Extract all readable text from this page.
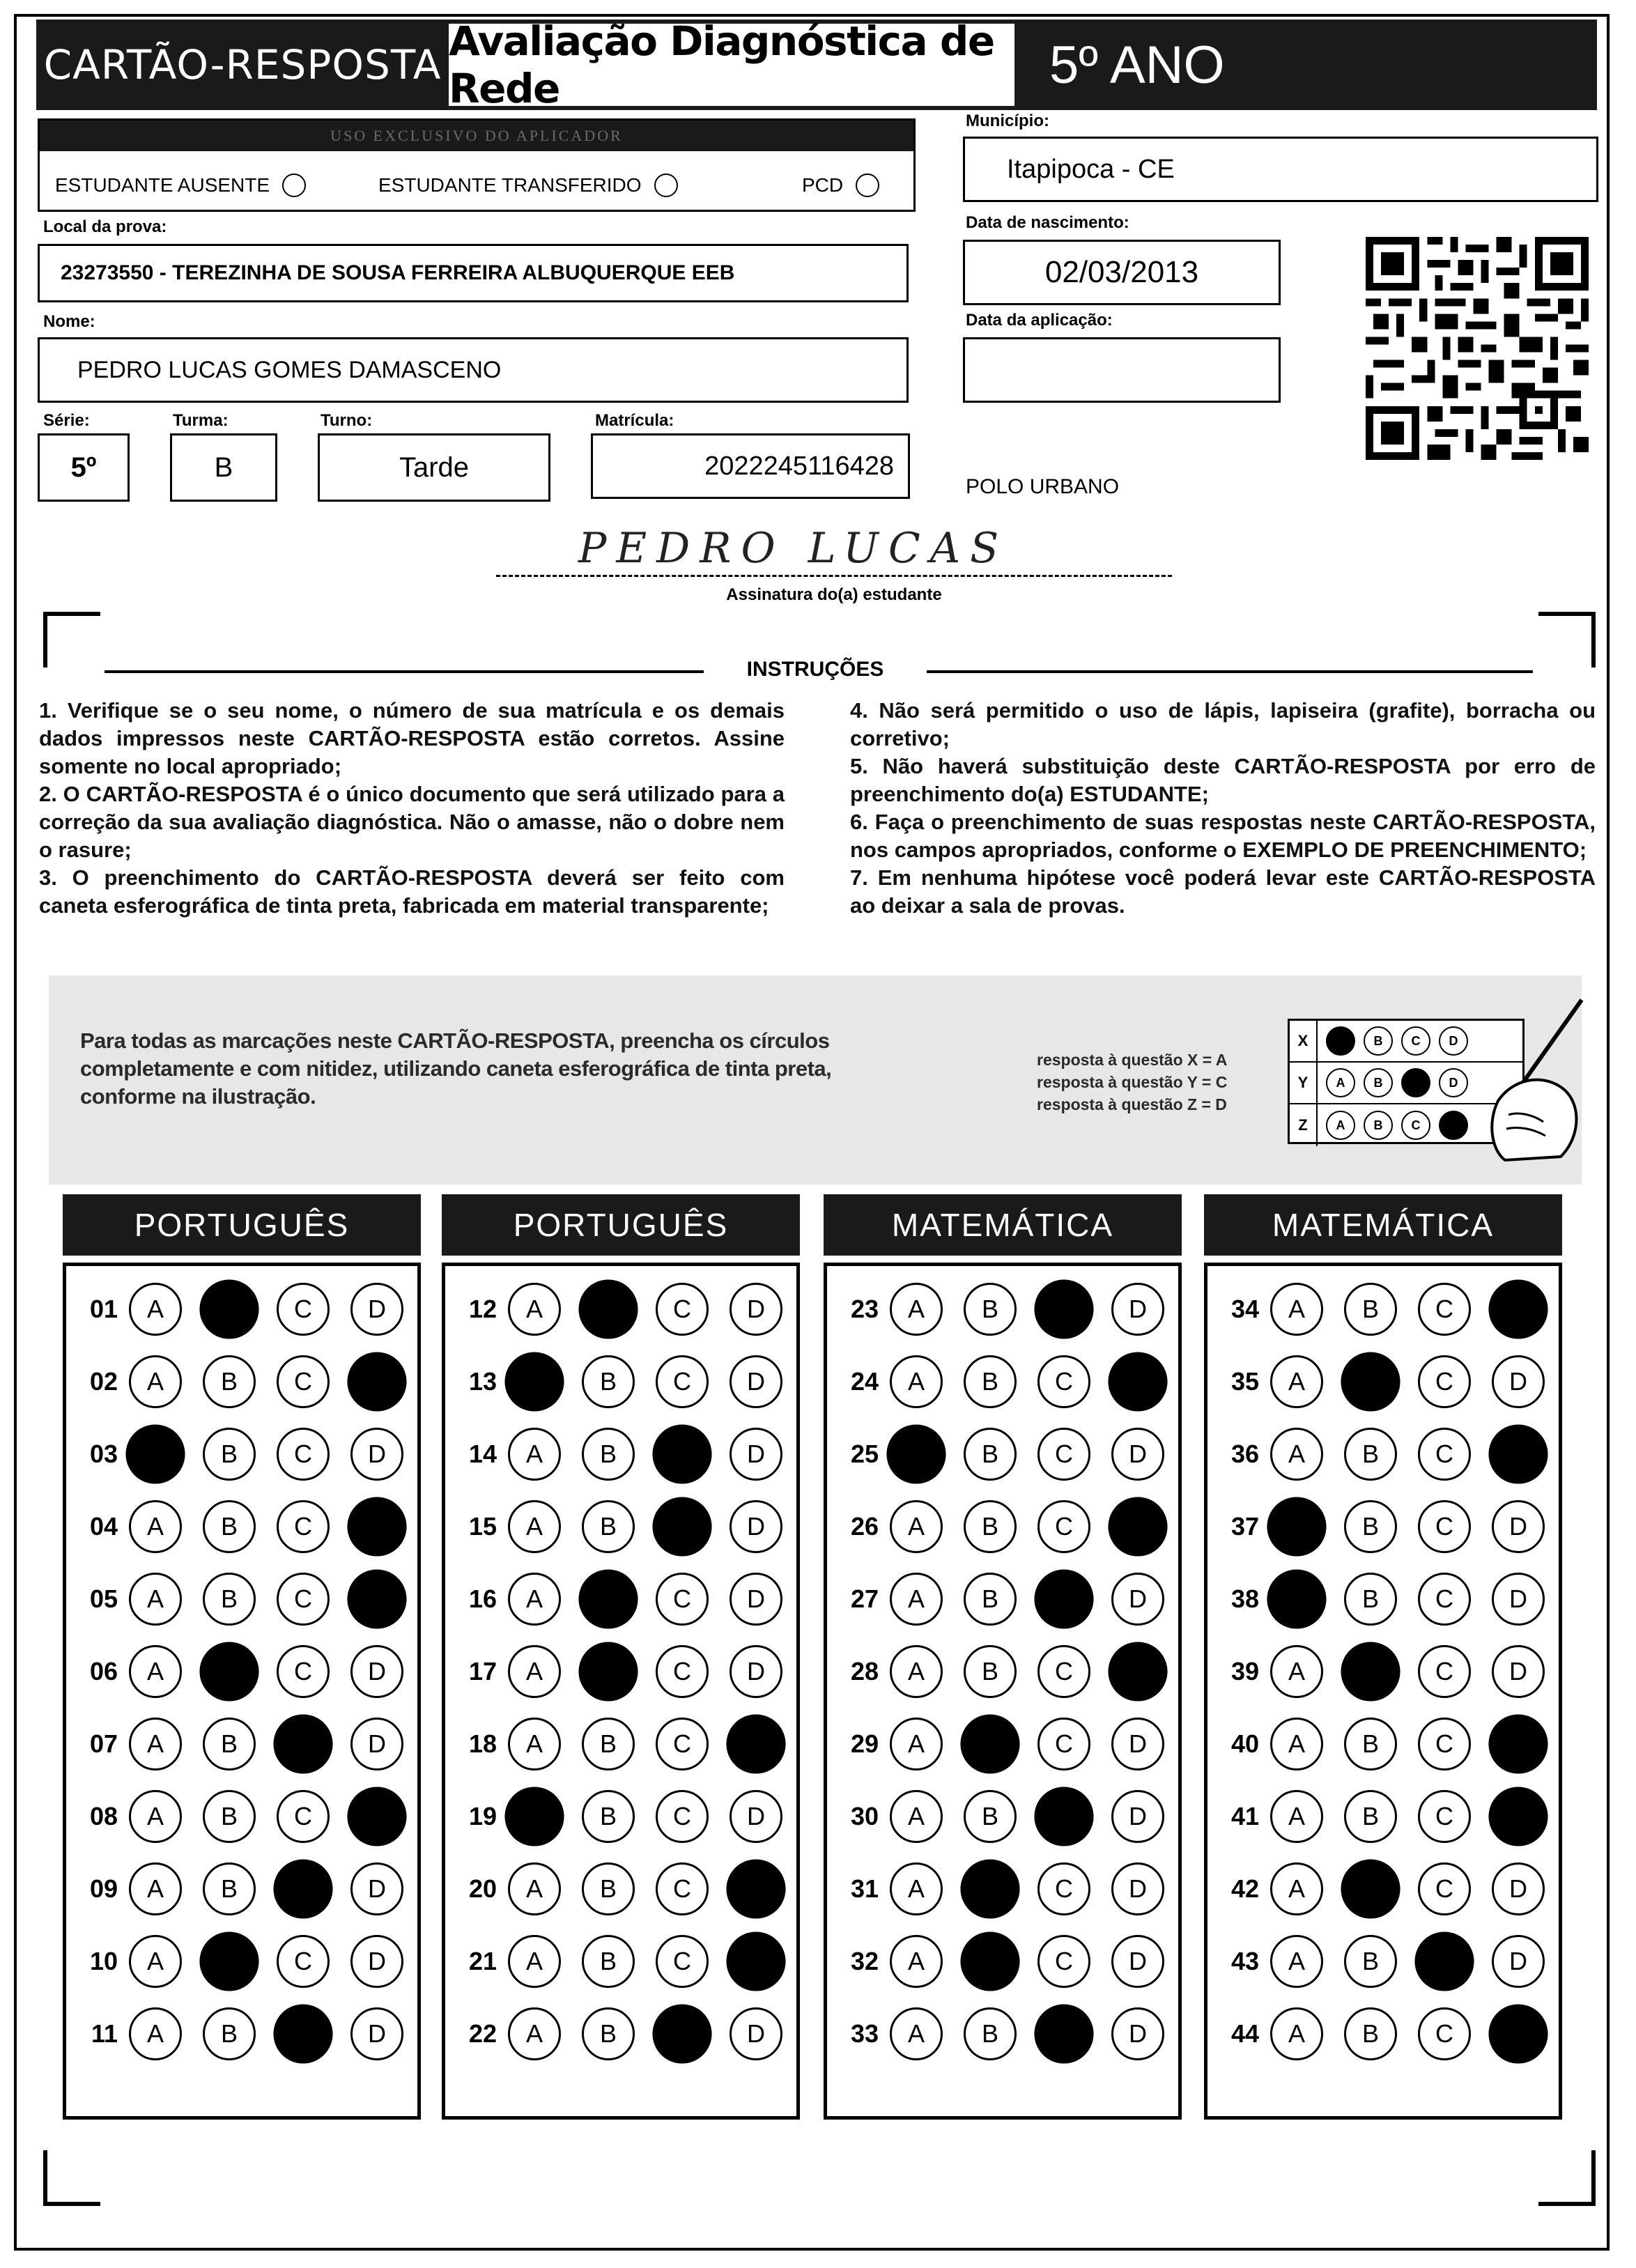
CARTÃO-RESPOSTA Avaliação Diagnóstica de Rede	5º ANO
USO EXCLUSIVO DO APLICADOR
ESTUDANTE AUSENTE	ESTUDANTE TRANSFERIDO	PCD
Município:
Itapipoca - CE
Data de nascimento:
02/03/2013
Data da aplicação:
Local da prova:
23273550 - TEREZINHA DE SOUSA FERREIRA ALBUQUERQUE EEB
Nome:
PEDRO LUCAS GOMES DAMASCENO
Série:
5º
Turma:
B
Turno:
Tarde
Matrícula:
2022245116428
POLO URBANO
PEDRO LUCAS
Assinatura do(a) estudante
INSTRUÇÕES

1. Verifique se o seu nome, o número de sua matrícula e os demais dados impressos neste CARTÃO-RESPOSTA estão corretos. Assine somente no local apropriado;

2. O CARTÃO-RESPOSTA é o único documento que será utilizado para a correção da sua avaliação diagnóstica. Não o amasse, não o dobre nem o rasure;

3. O preenchimento do CARTÃO-RESPOSTA deverá ser feito com caneta esferográfica de tinta preta, fabricada em material transparente;

4. Não será permitido o uso de lápis, lapiseira (grafite), borracha ou corretivo;

5. Não haverá substituição deste CARTÃO-RESPOSTA por erro de preenchimento do(a) ESTUDANTE;

6. Faça o preenchimento de suas respostas neste CARTÃO-RESPOSTA, nos campos apropriados, conforme o EXEMPLO DE PREENCHIMENTO;

7. Em nenhuma hipótese você poderá levar este CARTÃO-RESPOSTA ao deixar a sala de provas.

Para todas as marcações neste CARTÃO-RESPOSTA, preencha os círculos completamente e com nitidez, utilizando caneta esferográfica de tinta preta, conforme na ilustração.
resposta à questão X = A
resposta à questão Y = C
resposta à questão Z = D
X	A	B	C	D
Y	A	B	C	D
Z	A	B	C	D
PORTUGUÊS
01	A	B	C	D
02	A	B	C	D
03	A	B	C	D
04	A	B	C	D
05	A	B	C	D
06	A	B	C	D
07	A	B	C	D
08	A	B	C	D
09	A	B	C	D
10	A	B	C	D
11	A	B	C	D
PORTUGUÊS
12	A	B	C	D
13	A	B	C	D
14	A	B	C	D
15	A	B	C	D
16	A	B	C	D
17	A	B	C	D
18	A	B	C	D
19	A	B	C	D
20	A	B	C	D
21	A	B	C	D
22	A	B	C	D
MATEMÁTICA
23	A	B	C	D
24	A	B	C	D
25	A	B	C	D
26	A	B	C	D
27	A	B	C	D
28	A	B	C	D
29	A	B	C	D
30	A	B	C	D
31	A	B	C	D
32	A	B	C	D
33	A	B	C	D
MATEMÁTICA
34	A	B	C	D
35	A	B	C	D
36	A	B	C	D
37	A	B	C	D
38	A	B	C	D
39	A	B	C	D
40	A	B	C	D
41	A	B	C	D
42	A	B	C	D
43	A	B	C	D
44	A	B	C	D
